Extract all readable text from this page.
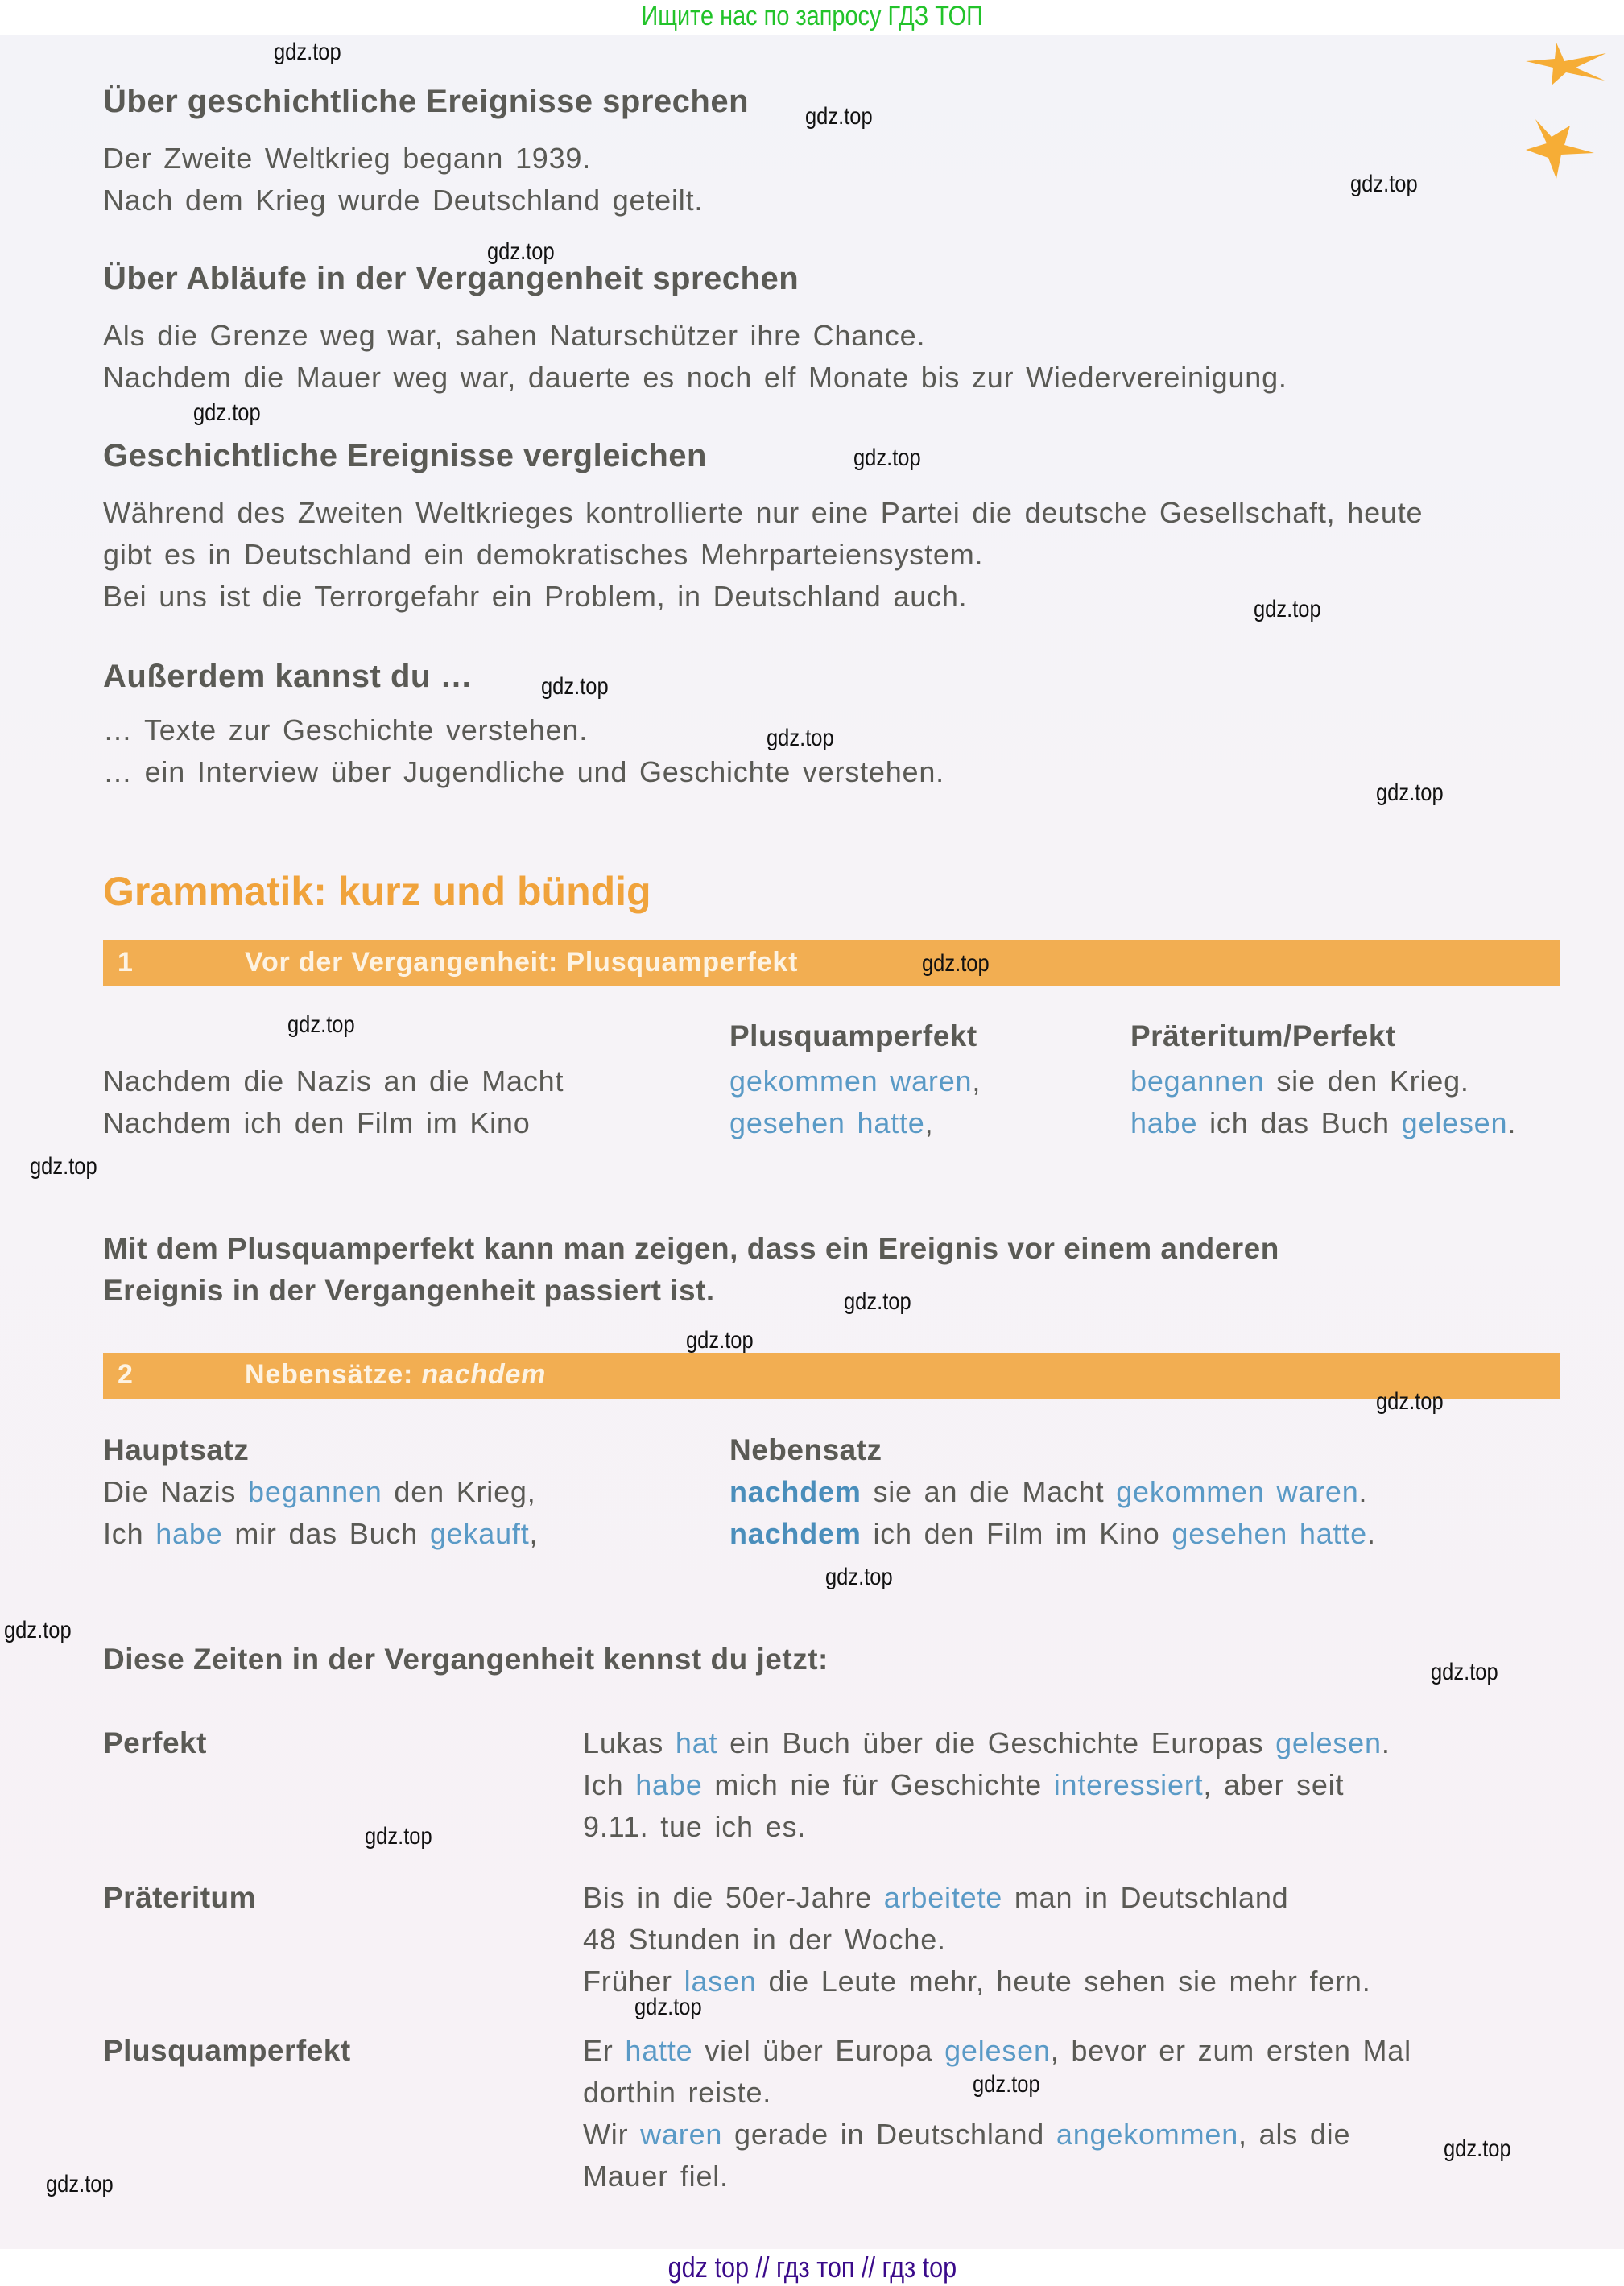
Ищите нас по запросу ГДЗ ТОП
Über geschichtliche Ereignisse sprechen
Der Zweite Weltkrieg begann 1939.
Nach dem Krieg wurde Deutschland geteilt.
Über Abläufe in der Vergangenheit sprechen
Als die Grenze weg war, sahen Naturschützer ihre Chance.
Nachdem die Mauer weg war, dauerte es noch elf Monate bis zur Wiedervereinigung.
Geschichtliche Ereignisse vergleichen
Während des Zweiten Weltkrieges kontrollierte nur eine Partei die deutsche Gesellschaft, heute
gibt es in Deutschland ein demokratisches Mehrparteiensystem.
Bei uns ist die Terrorgefahr ein Problem, in Deutschland auch.
Außerdem kannst du …
… Texte zur Geschichte verstehen.
… ein Interview über Jugendliche und Geschichte verstehen.
Grammatik: kurz und bündig
1	Vor der Vergangenheit: Plusquamperfekt
Plusquamperfekt	Präteritum/Perfekt
Nachdem die Nazis an die Macht	gekommen waren,	begannen sie den Krieg.
Nachdem ich den Film im Kino	gesehen hatte,	habe ich das Buch gelesen.
Mit dem Plusquamperfekt kann man zeigen, dass ein Ereignis vor einem anderen
Ereignis in der Vergangenheit passiert ist.
2	Nebensätze: nachdem
Hauptsatz	Nebensatz
Die Nazis begannen den Krieg,	nachdem sie an die Macht gekommen waren.
Ich habe mir das Buch gekauft,	nachdem ich den Film im Kino gesehen hatte.
Diese Zeiten in der Vergangenheit kennst du jetzt:
Perfekt	Lukas hat ein Buch über die Geschichte Europas gelesen.
Ich habe mich nie für Geschichte interessiert, aber seit
9.11. tue ich es.
Präteritum	Bis in die 50er-Jahre arbeitete man in Deutschland
48 Stunden in der Woche.
Früher lasen die Leute mehr, heute sehen sie mehr fern.
Plusquamperfekt	Er hatte viel über Europa gelesen, bevor er zum ersten Mal
dorthin reiste.
Wir waren gerade in Deutschland angekommen, als die
Mauer fiel.
gdz.top
gdz.top
gdz.top
gdz.top
gdz.top
gdz.top
gdz.top
gdz.top
gdz.top
gdz.top
gdz.top
gdz.top
gdz.top
gdz.top
gdz.top
gdz.top
gdz.top
gdz.top
gdz.top
gdz.top
gdz.top
gdz.top
gdz.top
gdz.top
gdz top // гдз топ // гдз top
